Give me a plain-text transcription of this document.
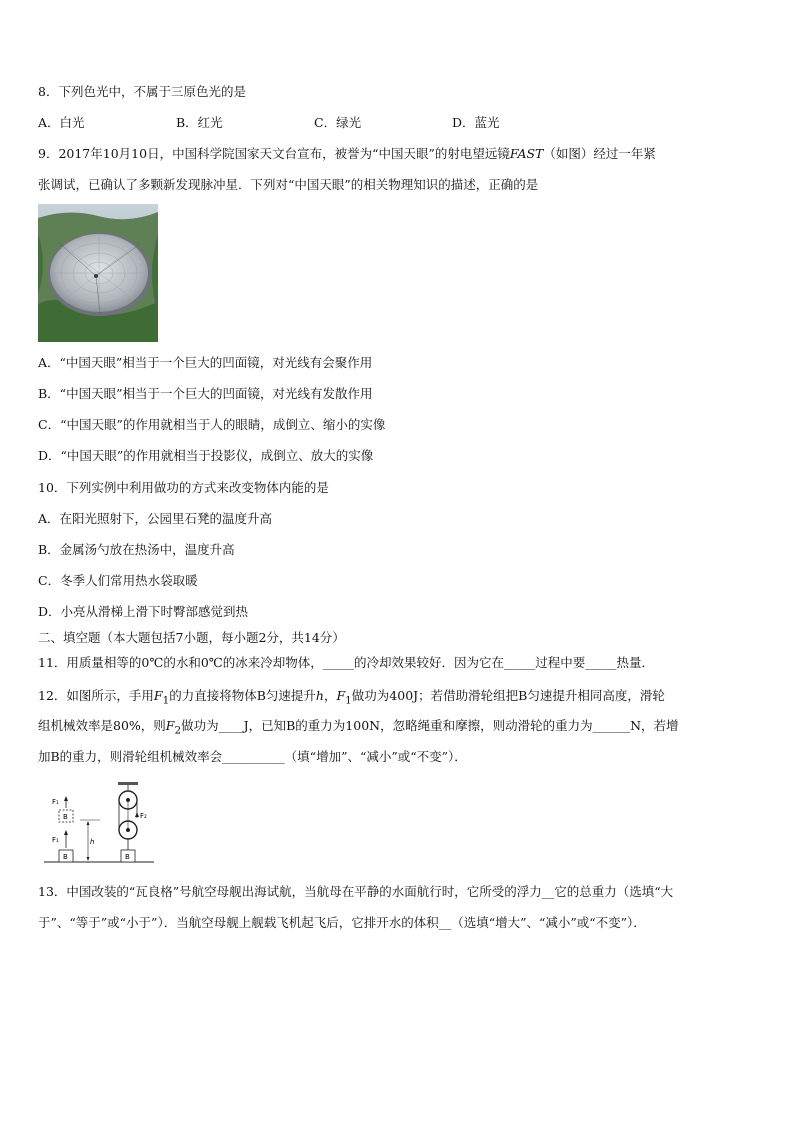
8．下列色光中，不属于三原色光的是
A．白光	B．红光	C．绿光	D．蓝光
9．2017年10月10日，中国科学院国家天文台宣布，被誉为“中国天眼”的射电望远镜FAST（如图）经过一年紧
张调试，已确认了多颗新发现脉冲星．下列对“中国天眼”的相关物理知识的描述，正确的是
A．“中国天眼”相当于一个巨大的凹面镜，对光线有会聚作用
B．“中国天眼”相当于一个巨大的凹面镜，对光线有发散作用
C．“中国天眼”的作用就相当于人的眼睛，成倒立、缩小的实像
D．“中国天眼”的作用就相当于投影仪，成倒立、放大的实像
10．下列实例中利用做功的方式来改变物体内能的是
A．在阳光照射下，公园里石凳的温度升高
B．金属汤勺放在热汤中，温度升高
C．冬季人们常用热水袋取暖
D．小亮从滑梯上滑下时臀部感觉到热
二、填空题（本大题包括7小题，每小题2分，共14分）
11．用质量相等的0℃的水和0℃的冰来冷却物体，_____的冷却效果较好．因为它在_____过程中要_____热量．
12．如图所示，手用$F_1$的力直接将物体B匀速提升h，$F_1$做功为400J；若借助滑轮组把B匀速提升相同高度，滑轮
组机械效率是80%，则$F_2$做功为____J，已知B的重力为100N，忽略绳重和摩擦，则动滑轮的重力为______N，若增
加B的重力，则滑轮组机械效率会__________（填“增加”、“减小”或“不变”）．
B
F₁
B
F₁
h
F₂
B
13．中国改装的“瓦良格”号航空母舰出海试航，当航母在平静的水面航行时，它所受的浮力__它的总重力（选填“大
于”、“等于”或“小于”）．当航空母舰上舰载飞机起飞后，它排开水的体积__（选填“增大”、“减小”或“不变”）．
